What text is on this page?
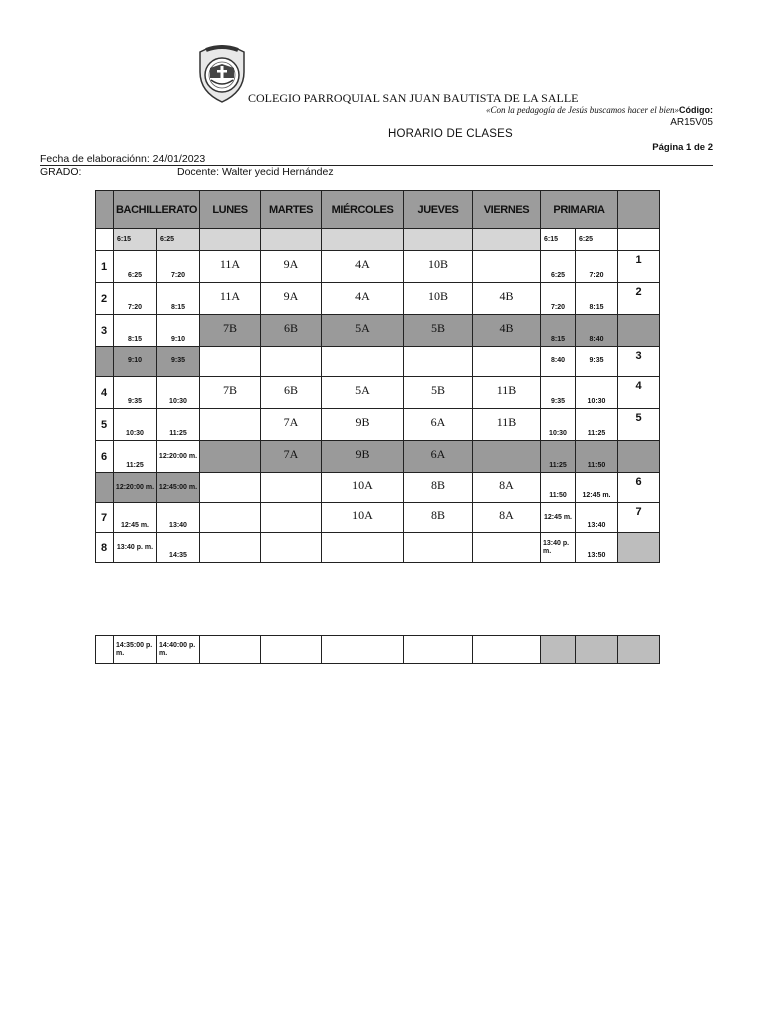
COLEGIO PARROQUIAL SAN JUAN BAUTISTA DE LA SALLE
«Con la pedagogía de Jesús buscamos hacer el bien»Código:
AR15V05
HORARIO DE CLASES
Página 1 de 2
Fecha de elaboraciónn: 24/01/2023
GRADO:	Docente: Walter yecid Hernández
	BACHILLERATO		LUNES	MARTES	MIÉRCOLES	JUEVES	VIERNES	PRIMARIA		
	6:15	6:25						6:15	6:25	
1	6:25	7:20	11A	9A	4A	10B		6:25	7:20	1
2	7:20	8:15	11A	9A	4A	10B	4B	7:20	8:15	2
3	8:15	9:10	7B	6B	5A	5B	4B	8:15	8:40	
	9:10	9:35						8:40	9:35	3
4	9:35	10:30	7B	6B	5A	5B	11B	9:35	10:30	4
5	10:30	11:25		7A	9B	6A	11B	10:30	11:25	5
6	11:25	12:20:00 m.		7A	9B	6A		11:25	11:50	
	12:20:00 m.	12:45:00 m.			10A	8B	8A	11:50	12:45 m.	6
7	12:45 m.	13:40			10A	8B	8A	12:45 m.	13:40	7
8	13:40 p. m.	14:35						13:40 p. m.	13:50	
	14:35:00 p. m.	14:40:00 p. m.								
